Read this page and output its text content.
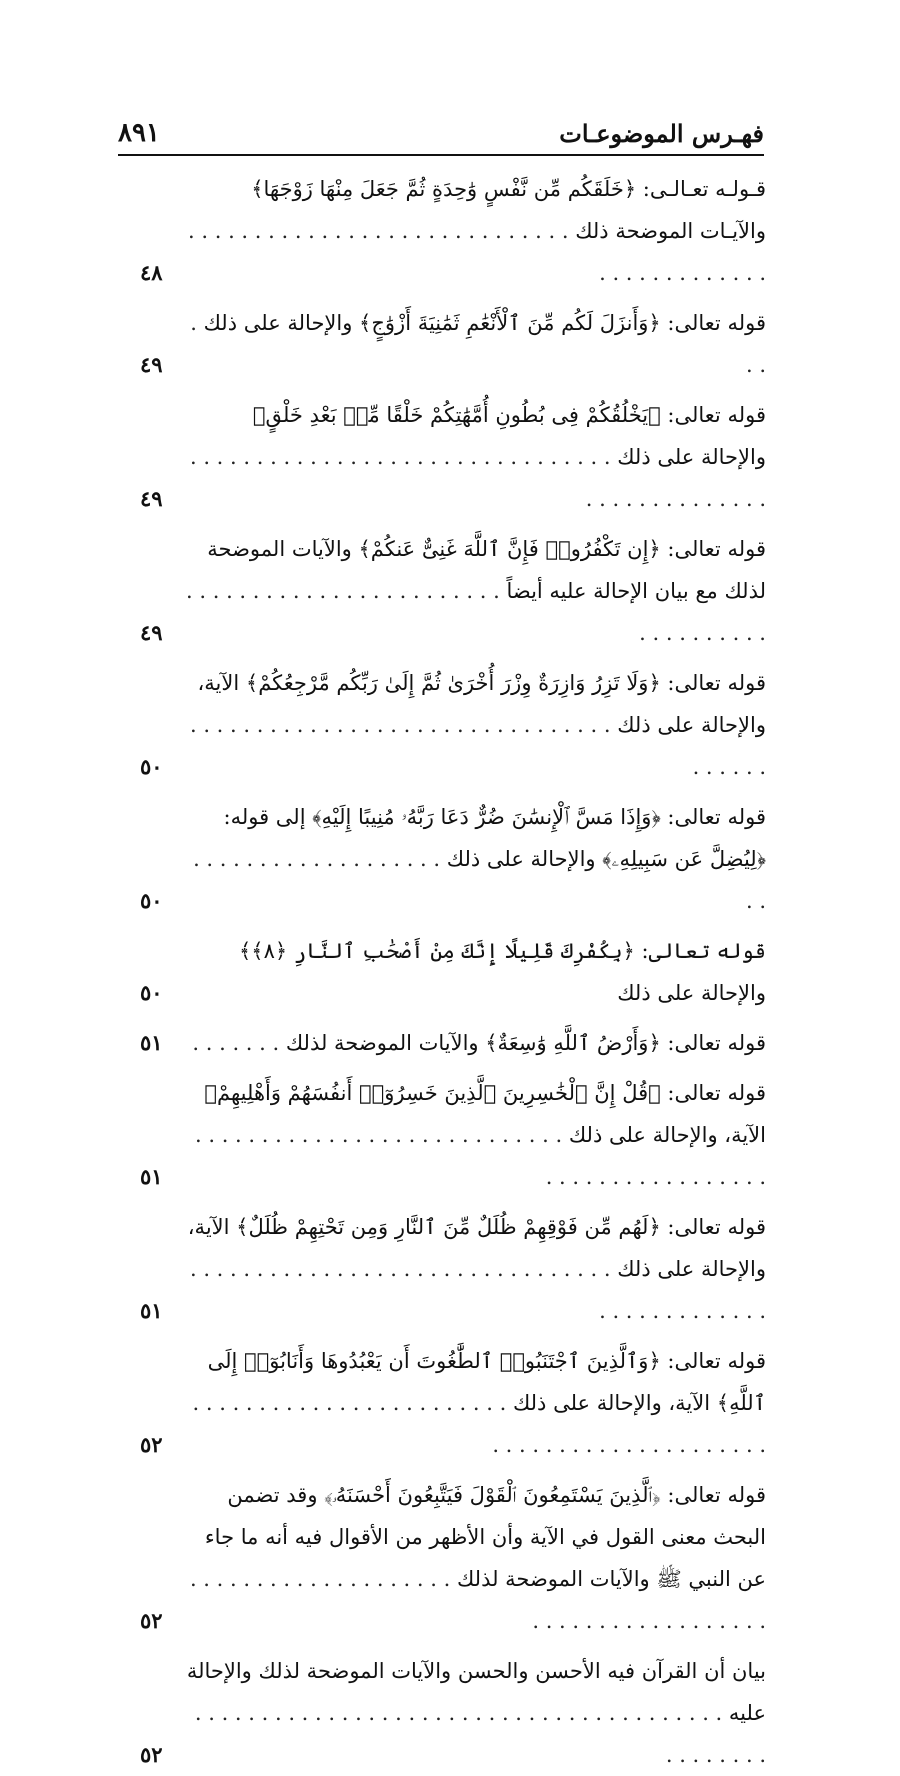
٨٩١	فهـرس الموضوعـات
قـولـه تعـالـى: ﴿خَلَقَكُم مِّن نَّفْسٍ وَٰحِدَةٍ ثُمَّ جَعَلَ مِنْهَا زَوْجَهَا﴾ والآيـات الموضحة ذلك . . . . . . . . . . . . . . . . . . . . . . . . . . . . . . . . . . . . . . . . . .
٤٨
قوله تعالى: ﴿وَأَنزَلَ لَكُم مِّنَ ٱلْأَنْعَٰمِ ثَمَٰنِيَةَ أَزْوَٰجٍ﴾ والإحالة على ذلك . . .
٤٩
قوله تعالى: ﴿يَخْلُقُكُمْ فِى بُطُونِ أُمَّهَٰتِكُمْ خَلْقًا مِّنۢ بَعْدِ خَلْقٍ﴾ والإحالة على ذلك . . . . . . . . . . . . . . . . . . . . . . . . . . . . . . . . . . . . . . . . . . . . . .
٤٩
قوله تعالى: ﴿إِن تَكْفُرُوا۟ فَإِنَّ ٱللَّهَ غَنِىٌّ عَنكُمْ﴾ والآيات الموضحة لذلك مع بيان الإحالة عليه أيضاً . . . . . . . . . . . . . . . . . . . . . . . . . . . . . . . . . .
٤٩
قوله تعالى: ﴿وَلَا تَزِرُ وَازِرَةٌ وِزْرَ أُخْرَىٰ ثُمَّ إِلَىٰ رَبِّكُم مَّرْجِعُكُمْ﴾ الآية، والإحالة على ذلك . . . . . . . . . . . . . . . . . . . . . . . . . . . . . . . . . . . . . .
٥٠
قوله تعالى: ﴿وَإِذَا مَسَّ ٱلْإِنسَٰنَ ضُرٌّ دَعَا رَبَّهُۥ مُنِيبًا إِلَيْهِ﴾ إلى قوله: ﴿لِيُضِلَّ عَن سَبِيلِهِۦ﴾ والإحالة على ذلك . . . . . . . . . . . . . . . . . . . . .
٥٠
قوله تعالى: ﴿بِكُفْرِكَ قَلِيلًا إِنَّكَ مِنْ أَصْحَٰبِ ٱلنَّارِ ﴿٨﴾﴾ والإحالة على ذلك
٥٠
قوله تعالى: ﴿وَأَرْضُ ٱللَّهِ وَٰسِعَةٌ﴾ والآيات الموضحة لذلك . . . . . . .
٥١
قوله تعالى: ﴿قُلْ إِنَّ ٱلْخَٰسِرِينَ ٱلَّذِينَ خَسِرُوٓا۟ أَنفُسَهُمْ وَأَهْلِيهِمْ﴾ الآية، والإحالة على ذلك . . . . . . . . . . . . . . . . . . . . . . . . . . . . . . . . . . . . . . . . . . . . .
٥١
قوله تعالى: ﴿لَهُم مِّن فَوْقِهِمْ ظُلَلٌ مِّنَ ٱلنَّارِ وَمِن تَحْتِهِمْ ظُلَلٌ﴾ الآية، والإحالة على ذلك . . . . . . . . . . . . . . . . . . . . . . . . . . . . . . . . . . . . . . . . . . . . .
٥١
قوله تعالى: ﴿وَٱلَّذِينَ ٱجْتَنَبُوا۟ ٱلطَّٰغُوتَ أَن يَعْبُدُوهَا وَأَنَابُوٓا۟ إِلَى ٱللَّهِ﴾ الآية، والإحالة على ذلك . . . . . . . . . . . . . . . . . . . . . . . . . . . . . . . . . . . . . . . . . . . . .
٥٢
قوله تعالى: ﴿ٱلَّذِينَ يَسْتَمِعُونَ ٱلْقَوْلَ فَيَتَّبِعُونَ أَحْسَنَهُۥ﴾ وقد تضمن البحث معنى القول في الآية وأن الأظهر من الأقوال فيه أنه ما جاء عن النبي ﷺ والآيات الموضحة لذلك . . . . . . . . . . . . . . . . . . . . . . . . . . . . . . . . . . . . . .
٥٢
بيان أن القرآن فيه الأحسن والحسن والآيات الموضحة لذلك والإحالة عليه . . . . . . . . . . . . . . . . . . . . . . . . . . . . . . . . . . . . . . . . . . . . . . . .
٥٢
